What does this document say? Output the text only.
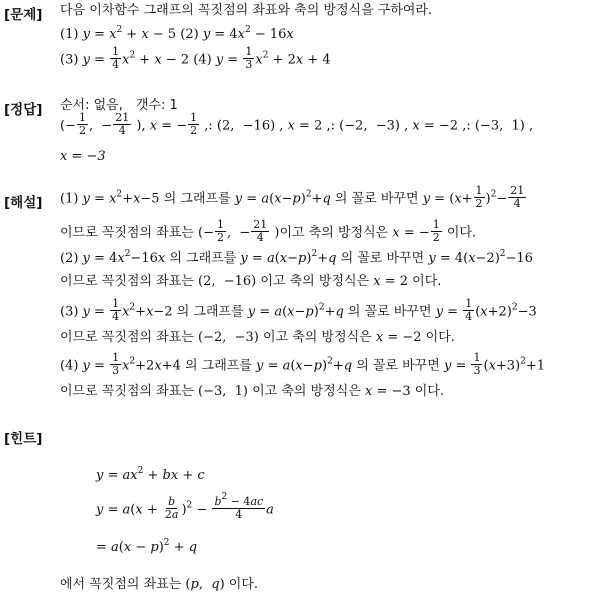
[문제] 다음 이차함수 그래프의 꼭짓점의 좌표와 축의 방정식을 구하여라.
(1) $y = x^2 + x - 5$ (2) $y = 4x^2 - 16x$
(3) $y = \frac{1}{4} x^2 + x - 2$ (4) $y = \frac{1}{3} x^2 + 2x + 4$
[정답] 순서: 없음,　갯수: 1
(− $\frac{1}{2}$ ,  − $\frac{21}{4}$ ), x = − $\frac{1}{2}$ ,: (2,  −16) , x = 2 ,: (−2,  −3) , x = −2 ,: (−3,  1) ,
x = −3
[해설] (1) $y = x^2+x-5$ 의 그래프를 $y = a(x-p)^2+q$ 의 꼴로 바꾸면 $y = (x+ \frac{1}{2} )^2- \frac{21}{4}$
이므로 꼭짓점의 좌표는 (− $\frac{1}{2}$ ,  − $\frac{21}{4}$ )이고 축의 방정식은 x = − $\frac{1}{2}$ 이다.
(2) $y = 4x^2-16x$ 의 그래프를 $y = a(x-p)^2+q$ 의 꼴로 바꾸면 $y = 4(x-2)^2-16$
이므로 꼭짓점의 좌표는 (2,  −16) 이고 축의 방정식은 x = 2 이다.
(3) $y = \frac{1}{4} x^2+x-2$ 의 그래프를 $y = a(x-p)^2+q$ 의 꼴로 바꾸면 $y = \frac{1}{4} (x+2)^2-3$
이므로 꼭짓점의 좌표는 (−2,  −3) 이고 축의 방정식은 x = −2 이다.
(4) $y = \frac{1}{3} x^2+2x+4$ 의 그래프를 $y = a(x-p)^2+q$ 의 꼴로 바꾸면 $y = \frac{1}{3} (x+3)^2+1$
이므로 꼭짓점의 좌표는 (−3,  1) 이고 축의 방정식은 x = −3 이다.
[힌트]
$y = ax^2$ + bx + c
$y = a(x + \frac{b}{2a} )^2 - \frac{b^2 - 4ac}{4}$ a
= $a(x - p)^2 + q$
에서 꼭짓점의 좌표는 (p,  q) 이다.
